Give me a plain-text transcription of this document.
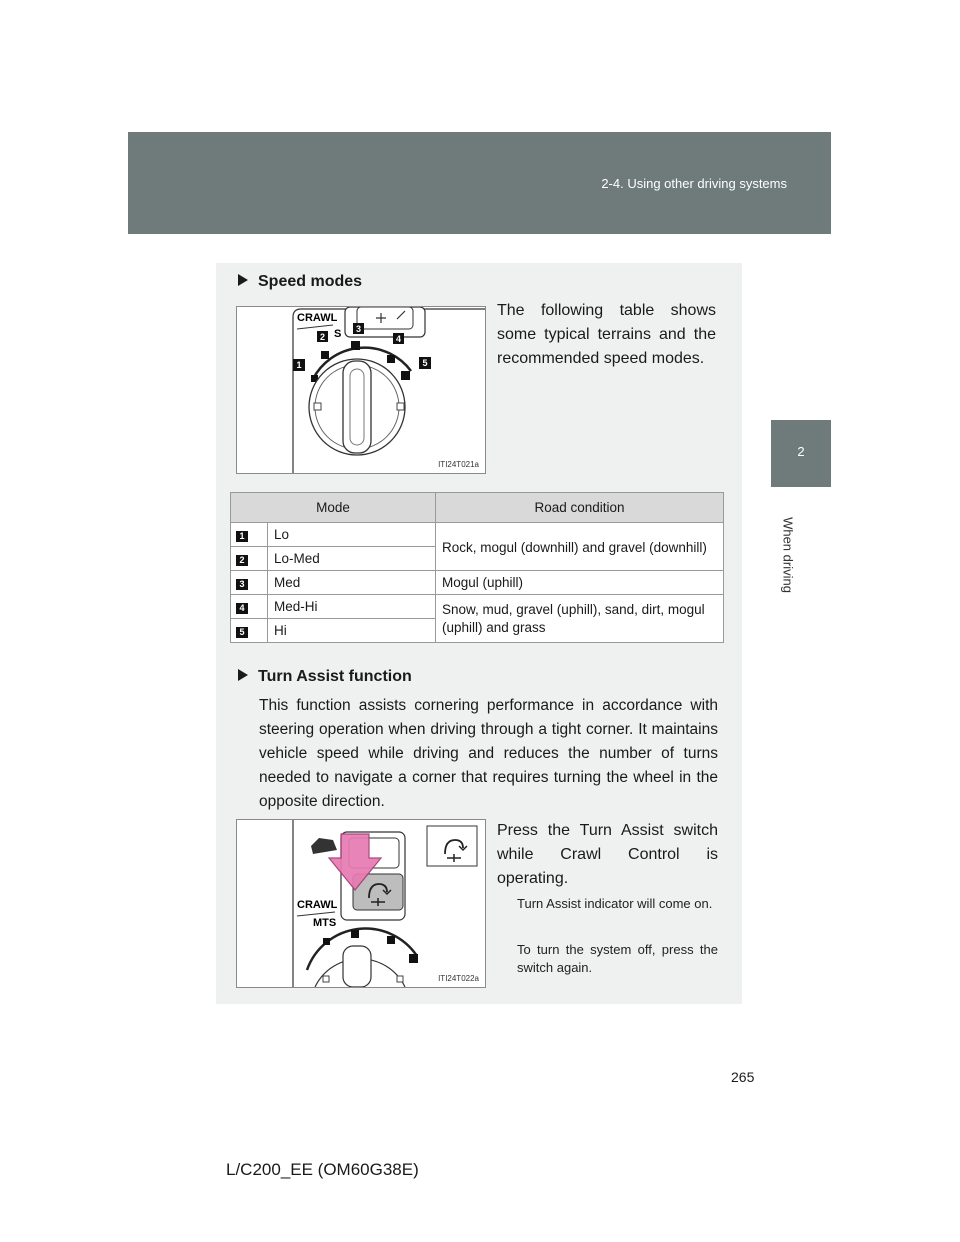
2-4. Using other driving systems
2
When driving
Speed modes
CRAWL
S
1
2
3
4
5
ITI24T021a
The following table shows some typical terrains and the recommended speed modes.
Mode		Road condition
1	Lo	Rock, mogul (downhill) and gravel (downhill)
2	Lo-Med	
3	Med	Mogul (uphill)
4	Med-Hi	Snow, mud, gravel (uphill), sand, dirt, mogul (uphill) and grass
5	Hi	
Turn Assist function
This function assists cornering performance in accordance with steering operation when driving through a tight corner. It maintains vehicle speed while driving and reduces the number of turns needed to navigate a corner that requires turning the wheel in the opposite direction.
CRAWL
MTS
ITI24T022a
Press the Turn Assist switch while Crawl Control is operating.
Turn Assist indicator will come on.
To turn the system off, press the switch again.
265
L/C200_EE (OM60G38E)
